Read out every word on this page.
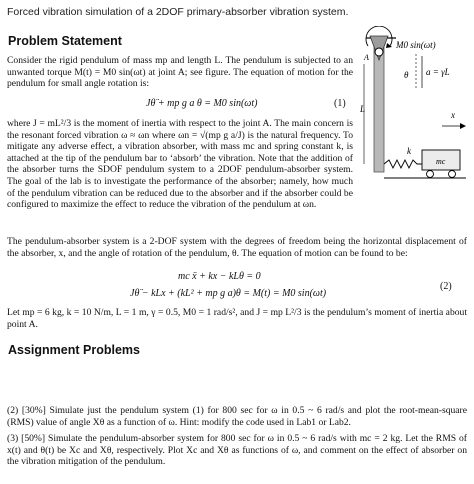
Forced vibration simulation of a 2DOF primary-absorber vibration system.
Problem Statement
Consider the rigid pendulum of mass mp and length L. The pendulum is subjected to an unwanted torque M(t) = M0 sin(ωt) at joint A; see figure. The equation of motion for the pendulum for small angle rotation is:
Jθ̈ + mp g a θ = M0 sin(ωt)	(1)
where J = mL²/3 is the moment of inertia with respect to the joint A. The main concern is the resonant forced vibration ω ≈ ωn where ωn = √(mp g a/J) is the natural frequency. To mitigate any adverse effect, a vibration absorber, with mass mc and spring constant k, is attached at the tip of the pendulum bar to ‘absorb’ the vibration. Note that the addition of the absorber turns the SDOF pendulum system to a 2DOF pendulum-absorber system. The goal of the lab is to investigate the performance of the absorber; namely, how much of the pendulum vibration can be reduced due to the absorber and if the absorber could be configured to maximize the effect to reduce the vibration of the pendulum at ωn.
M0 sin(ωt)
A
θ a = γL
L
x
k
mc
The pendulum-absorber system is a 2-DOF system with the degrees of freedom being the horizontal displacement of the absorber, x, and the angle of rotation of the pendulum, θ. The equation of motion can be found to be:
mc ẍ + kx − kLθ = 0
Jθ̈ − kLx + (kL² + mp g a)θ = M(t) = M0 sin(ωt)
(2)
Let mp = 6 kg, k = 10 N/m, L = 1 m, γ = 0.5, M0 = 1 rad/s², and J = mp L²/3 is the pendulum’s moment of inertia about point A.
Assignment Problems
(2) [30%] Simulate just the pendulum system (1) for 800 sec for ω in 0.5 ~ 6 rad/s and plot the root-mean-square (RMS) value of angle Xθ as a function of ω. Hint: modify the code used in Lab1 or Lab2.
(3) [50%] Simulate the pendulum-absorber system for 800 sec for ω in 0.5 ~ 6 rad/s with mc = 2 kg. Let the RMS of x(t) and θ(t) be Xc and Xθ, respectively. Plot Xc and Xθ as functions of ω, and comment on the effect of absorber on the vibration mitigation of the pendulum.
